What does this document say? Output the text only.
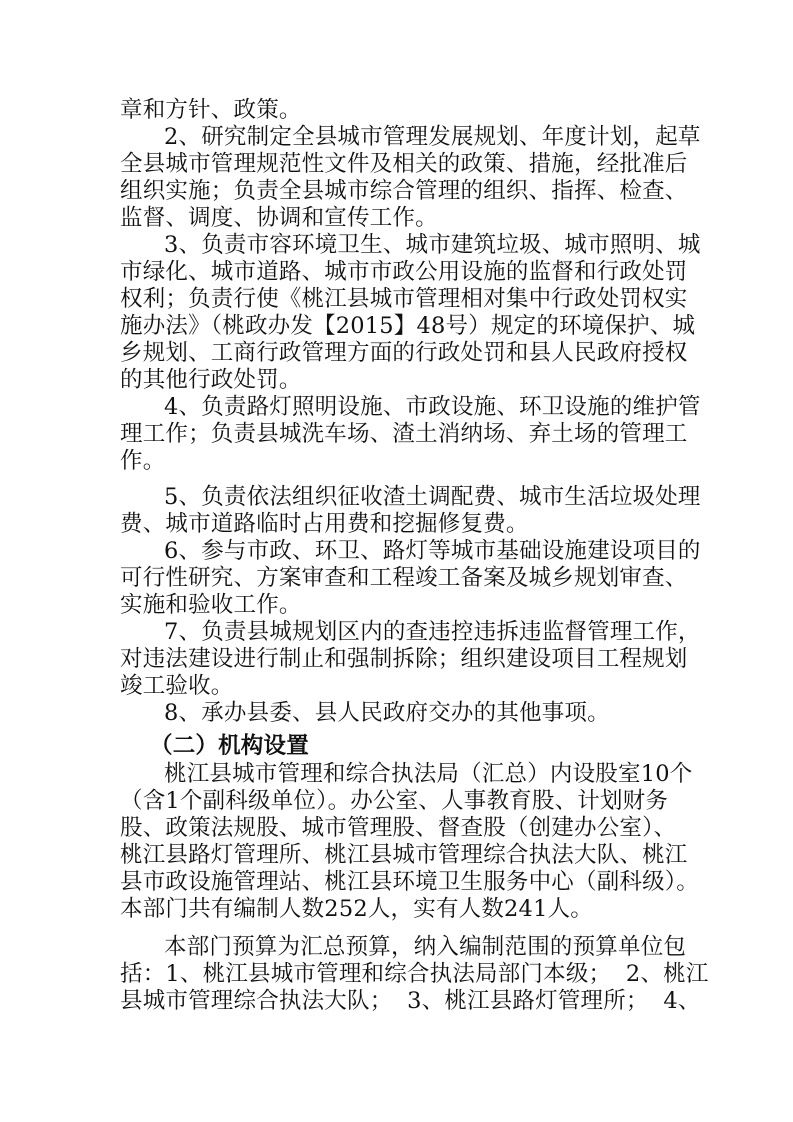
章和方针、政策。
2、研究制定全县城市管理发展规划、年度计划，起草
全县城市管理规范性文件及相关的政策、措施，经批准后
组织实施；负责全县城市综合管理的组织、指挥、检查、
监督、调度、协调和宣传工作。
3、负责市容环境卫生、城市建筑垃圾、城市照明、城
市绿化、城市道路、城市市政公用设施的监督和行政处罚
权利；负责行使《桃江县城市管理相对集中行政处罚权实
施办法》（桃政办发【2015】48号）规定的环境保护、城
乡规划、工商行政管理方面的行政处罚和县人民政府授权
的其他行政处罚。
4、负责路灯照明设施、市政设施、环卫设施的维护管
理工作；负责县城洗车场、渣土消纳场、弃土场的管理工
作。
5、负责依法组织征收渣土调配费、城市生活垃圾处理
费、城市道路临时占用费和挖掘修复费。
6、参与市政、环卫、路灯等城市基础设施建设项目的
可行性研究、方案审查和工程竣工备案及城乡规划审查、
实施和验收工作。
7、负责县城规划区内的查违控违拆违监督管理工作，
对违法建设进行制止和强制拆除；组织建设项目工程规划
竣工验收。
8、承办县委、县人民政府交办的其他事项。
（二）机构设置
桃江县城市管理和综合执法局（汇总）内设股室10个
（含1个副科级单位）。办公室、人事教育股、计划财务
股、政策法规股、城市管理股、督查股（创建办公室）、
桃江县路灯管理所、桃江县城市管理综合执法大队、桃江
县市政设施管理站、桃江县环境卫生服务中心（副科级）。
本部门共有编制人数252人，实有人数241人。
本部门预算为汇总预算，纳入编制范围的预算单位包
括：1、桃江县城市管理和综合执法局部门本级；  2、桃江
县城市管理综合执法大队；  3、桃江县路灯管理所；  4、
